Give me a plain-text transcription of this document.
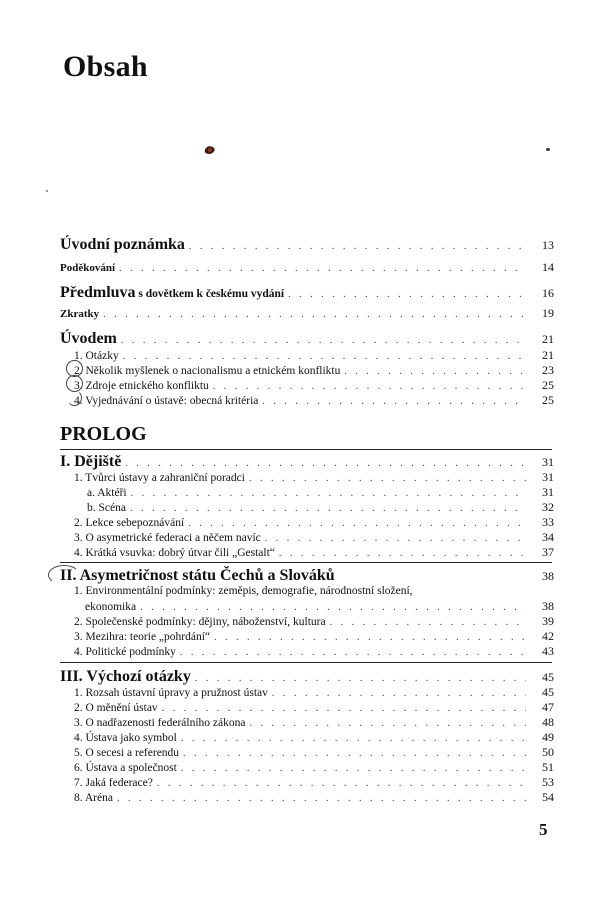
Obsah
Úvodní poznámka . . .	13
Poděkování . . .	14
Předmluva s dovětkem k českému vydání . . .	16
Zkratky . . .	19
Úvodem . . .	21
1. Otázky . . .	21
2. Několik myšlenek o nacionalismu a etnickém konfliktu . . .	23
3. Zdroje etnického konfliktu . . .	25
4. Vyjednávání o ústavě: obecná kritéria . . .	25
PROLOG
I. Dějiště . . .	31
1. Tvůrci ústavy a zahraniční poradci . . .	31
a. Aktéři . . .	31
b. Scéna . . .	32
2. Lekce sebepoznávání . . .	33
3. O asymetrické federaci a něčem navíc . . .	34
4. Krátká vsuvka: dobrý útvar čili „Gestalt“ . . .	37
II. Asymetričnost státu Čechů a Slováků	38
1. Environmentální podmínky: zeměpis, demografie, národnostní složení,
ekonomika . . .	38
2. Společenské podmínky: dějiny, náboženství, kultura . . .	39
3. Mezihra: teorie „pohrdání“ . . .	42
4. Politické podmínky . . .	43
III. Výchozí otázky . . .	45
1. Rozsah ústavní úpravy a pružnost ústav . . .	45
2. O měnění ústav . . .	47
3. O nadřazenosti federálního zákona . . .	48
4. Ústava jako symbol . . .	49
5. O secesi a referendu . . .	50
6. Ústava a společnost . . .	51
7. Jaká federace? . . .	53
8. Aréna . . .	54
5
